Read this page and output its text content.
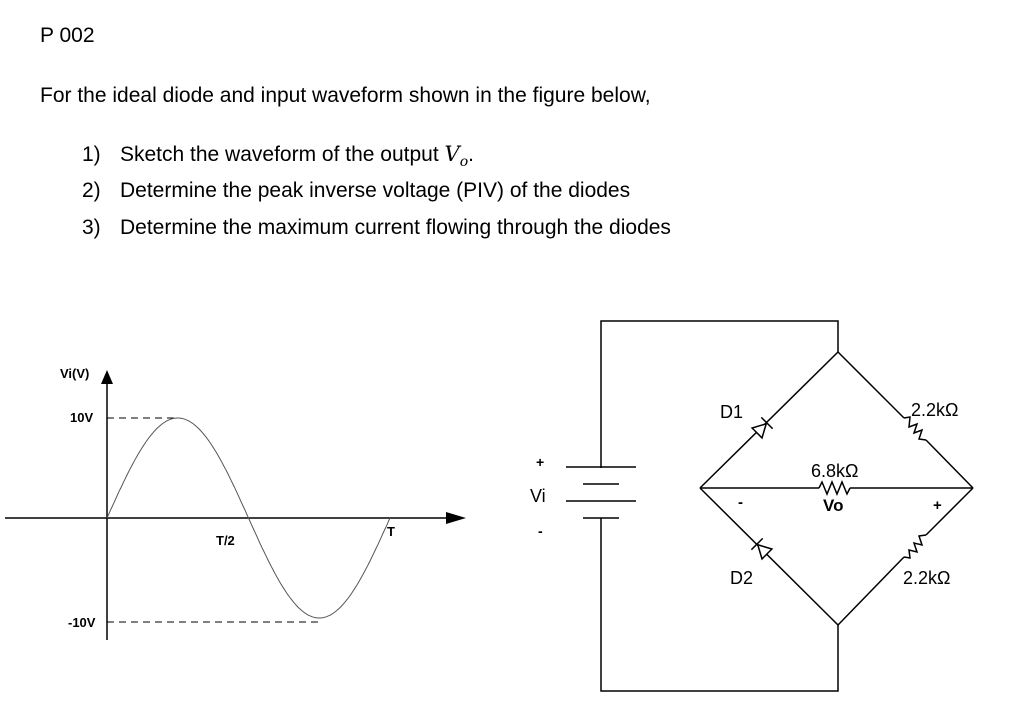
P 002
For the ideal diode and input waveform shown in the figure below,
1) Sketch the waveform of the output $V_o$.
2) Determine the peak inverse voltage (PIV) of the diodes
3) Determine the maximum current flowing through the diodes
Vi(V)
10V
-10V
T/2
T
+
Vi
-
D1
D2
2.2kΩ
2.2kΩ
6.8kΩ
Vo
-	+
